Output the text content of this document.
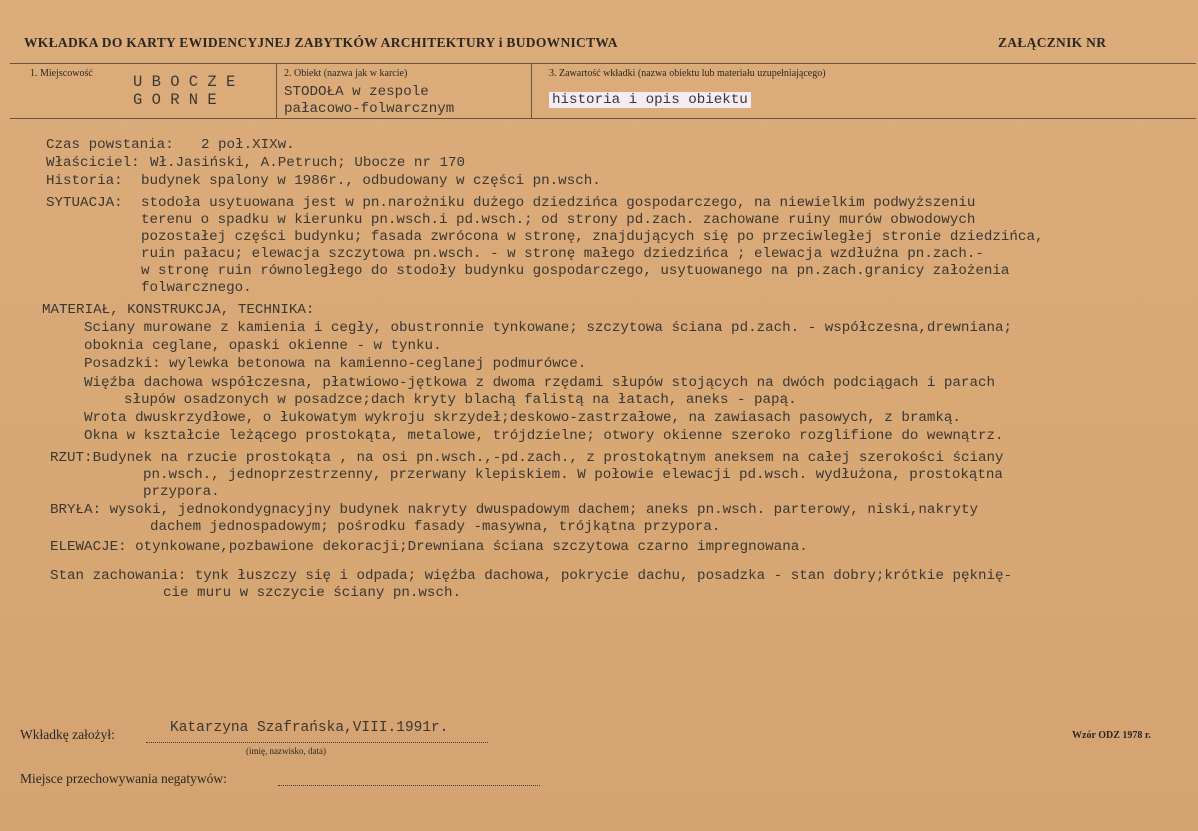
WKŁADKA DO KARTY EWIDENCYJNEJ ZABYTKÓW ARCHITEKTURY i BUDOWNICTWA	ZAŁĄCZNIK NR
1. Miejscowość	U B O C Z E
G O R N E
2. Obiekt (nazwa jak w karcie)
STODOŁA w zespole
pałacowo-folwarcznym
3. Zawartość wkładki (nazwa obiektu lub materiału uzupełniającego)
historia i opis obiektu
Czas powstania: 2 poł.XIXw.
Właściciel: Wł.Jasiński, A.Petruch; Ubocze nr 170
Historia: budynek spalony w 1986r., odbudowany w części pn.wsch.
SYTUACJA: stodoła usytuowana jest w pn.narożniku dużego dziedzińca gospodarczego, na niewielkim podwyższeniu
terenu o spadku w kierunku pn.wsch.i pd.wsch.; od strony pd.zach. zachowane ruiny murów obwodowych
pozostałej części budynku; fasada zwrócona w stronę, znajdujących się po przeciwległej stronie dziedzińca,
ruin pałacu; elewacja szczytowa pn.wsch. - w stronę małego dziedzińca ; elewacja wzdłużna pn.zach.-
w stronę ruin równoległego do stodoły budynku gospodarczego, usytuowanego na pn.zach.granicy założenia
folwarcznego.
MATERIAŁ, KONSTRUKCJA, TECHNIKA:
Sciany murowane z kamienia i cegły, obustronnie tynkowane; szczytowa ściana pd.zach. - współczesna,drewniana;
oboknia ceglane, opaski okienne - w tynku.
Posadzki: wylewka betonowa na kamienno-ceglanej podmurówce.
Więźba dachowa współczesna, płatwiowo-jętkowa z dwoma rzędami słupów stojących na dwóch podciągach i parach
słupów osadzonych w posadzce;dach kryty blachą falistą na łatach, aneks - papą.
Wrota dwuskrzydłowe, o łukowatym wykroju skrzydeł;deskowo-zastrzałowe, na zawiasach pasowych, z bramką.
Okna w kształcie leżącego prostokąta, metalowe, trójdzielne; otwory okienne szeroko rozglifione do wewnątrz.
RZUT:Budynek na rzucie prostokąta , na osi pn.wsch.,-pd.zach., z prostokątnym aneksem na całej szerokości ściany
pn.wsch., jednoprzestrzenny, przerwany klepiskiem. W połowie elewacji pd.wsch. wydłużona, prostokątna
przypora.
BRYŁA: wysoki, jednokondygnacyjny budynek nakryty dwuspadowym dachem; aneks pn.wsch. parterowy, niski,nakryty
dachem jednospadowym; pośrodku fasady -masywna, trójkątna przypora.
ELEWACJE: otynkowane,pozbawione dekoracji;Drewniana ściana szczytowa czarno impregnowana.
Stan zachowania: tynk łuszczy się i odpada; więźba dachowa, pokrycie dachu, posadzka - stan dobry;krótkie pęknię-
cie muru w szczycie ściany pn.wsch.
Wkładkę założył:	Katarzyna Szafrańska,VIII.1991r.
(imię, nazwisko, data)
Wzór ODZ 1978 r.
Miejsce przechowywania negatywów:
